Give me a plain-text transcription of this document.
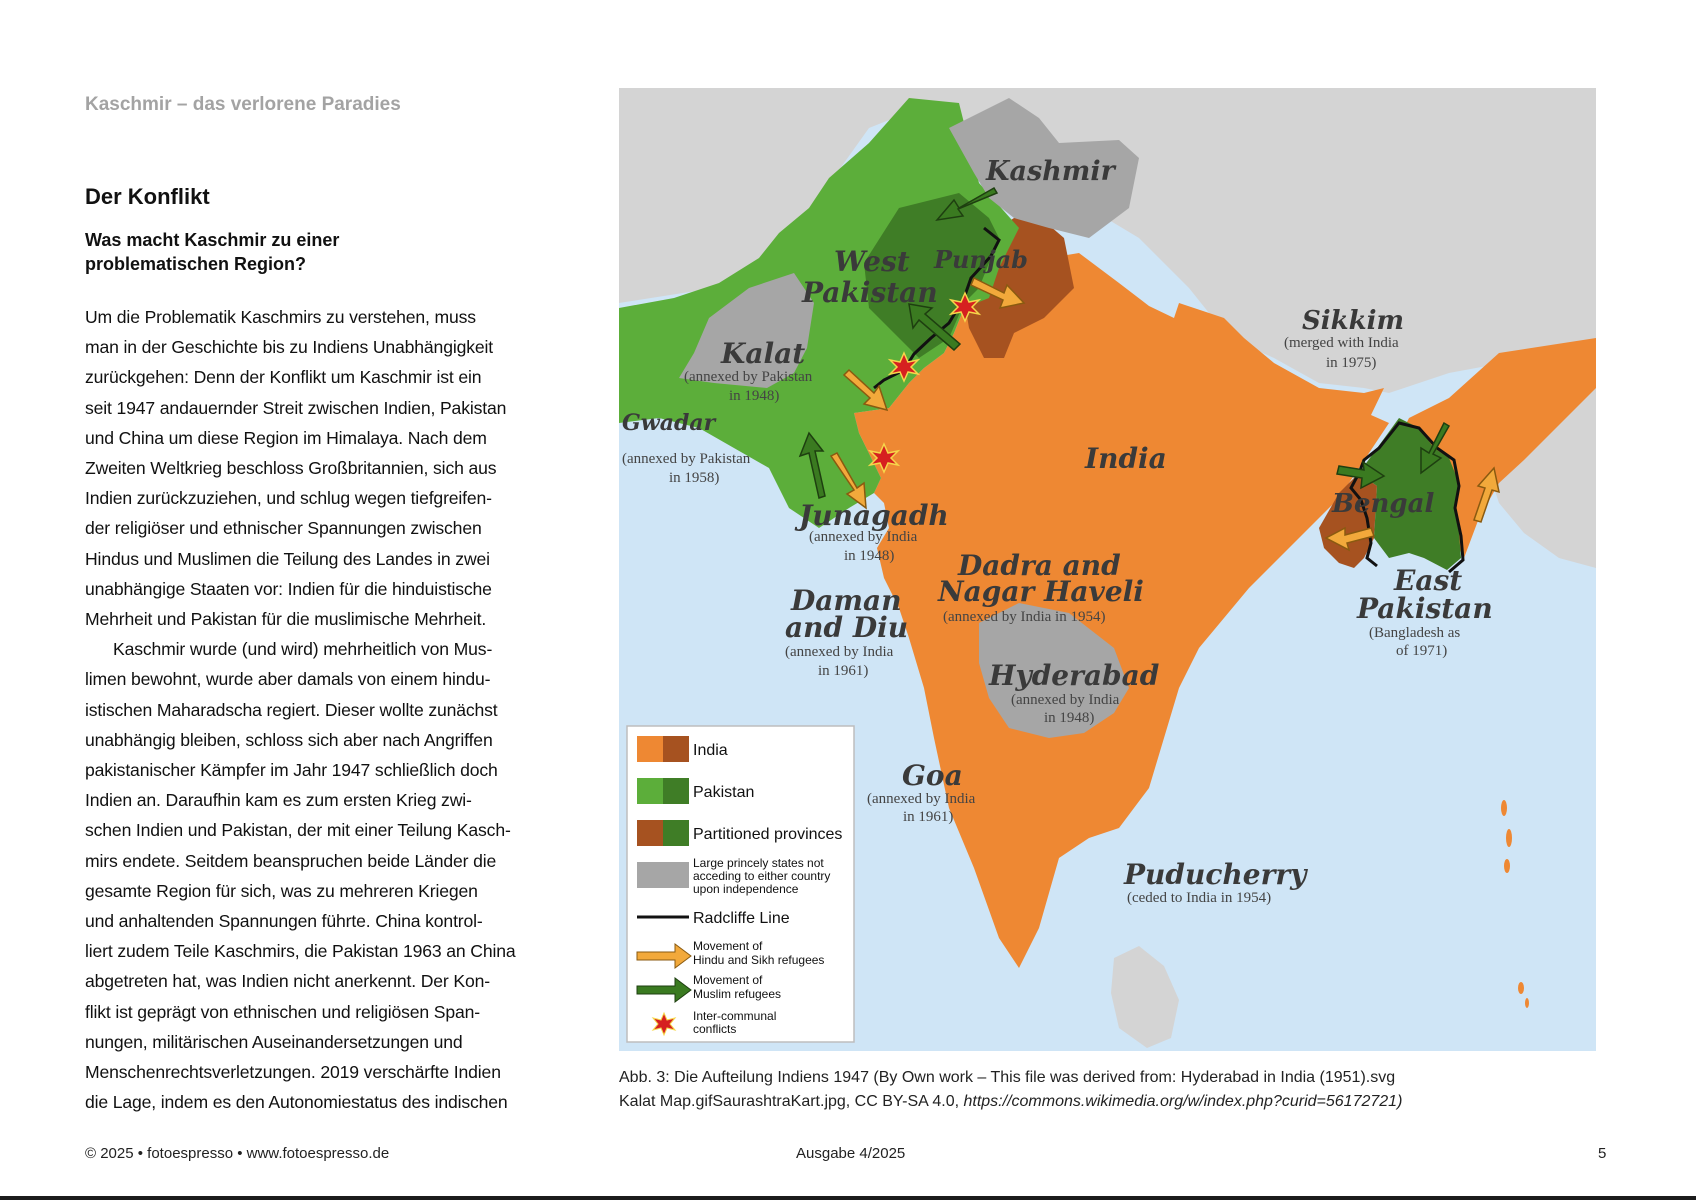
Kaschmir – das verlorene Paradies
Der Konflikt
Was macht Kaschmir zu einer
problematischen Region?
Um die Problematik Kaschmirs zu verstehen, muss
man in der Geschichte bis zu Indiens Unabhängigkeit
zurückgehen: Denn der Konflikt um Kaschmir ist ein
seit 1947 andauernder Streit zwischen Indien, Pakistan
und China um diese Region im Himalaya. Nach dem
Zweiten Weltkrieg beschloss Großbritannien, sich aus
Indien zurückzuziehen, und schlug wegen tiefgreifen-
der religiöser und ethnischer Spannungen zwischen
Hindus und Muslimen die Teilung des Landes in zwei
unabhängige Staaten vor: Indien für die hinduistische
Mehrheit und Pakistan für die muslimische Mehrheit.
Kaschmir wurde (und wird) mehrheitlich von Mus-
limen bewohnt, wurde aber damals von einem hindu-
istischen Maharadscha regiert. Dieser wollte zunächst
unabhängig bleiben, schloss sich aber nach Angriffen
pakistanischer Kämpfer im Jahr 1947 schließlich doch
Indien an. Daraufhin kam es zum ersten Krieg zwi-
schen Indien und Pakistan, der mit einer Teilung Kasch-
mirs endete. Seitdem beanspruchen beide Länder die
gesamte Region für sich, was zu mehreren Kriegen
und anhaltenden Spannungen führte. China kontrol-
liert zudem Teile Kaschmirs, die Pakistan 1963 an China
abgetreten hat, was Indien nicht anerkennt. Der Kon-
flikt ist geprägt von ethnischen und religiösen Span-
nungen, militärischen Auseinandersetzungen und
Menschenrechtsverletzungen. 2019 verschärfte Indien
die Lage, indem es den Autonomiestatus des indischen
Kashmir
Punjab
West
Pakistan
Kalat
(annexed by Pakistan
in 1948)
Gwadar
(annexed by Pakistan
in 1958)
Sikkim
(merged with India
in 1975)
India
Bengal
East
Pakistan
(Bangladesh as
of 1971)
Junagadh
(annexed by India
in 1948) Dadra and
Nagar Haveli
(annexed by India in 1954)
Daman
and Diu
(annexed by India
in 1961)	Hyderabad
(annexed by India
in 1948)
Goa
(annexed by India
in 1961)
Puducherry
(ceded to India in 1954)
India
Pakistan
Partitioned provinces
Large princely states not
acceding to either country
upon independence
Radcliffe Line
Movement of
Hindu and Sikh refugees
Movement of
Muslim refugees
Inter-communal
conflicts
Abb. 3: Die Aufteilung Indiens 1947 (By Own work – This file was derived from: Hyderabad in India (1951).svg
Kalat Map.gifSaurashtraKart.jpg, CC BY-SA 4.0, https://commons.wikimedia.org/w/index.php?curid=56172721)
© 2025 • fotoespresso • www.fotoespresso.de	Ausgabe 4/2025	5
